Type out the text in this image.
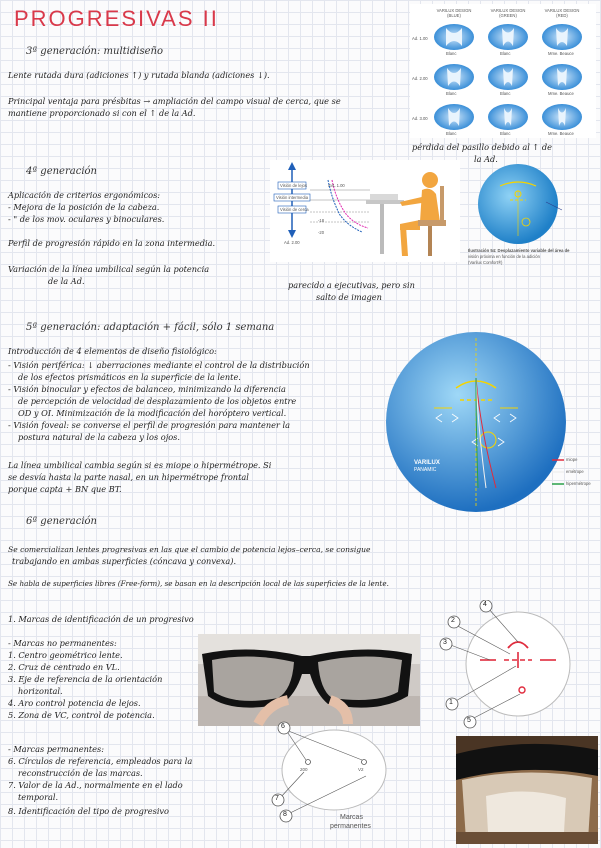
PROGRESIVAS II
3ª generación: multidiseño
Lente rutada dura (adiciones ↑) y rutada blanda (adiciones ↓).
Principal ventaja para présbitas → ampliación del campo visual de cerca, que se
mantiene proporcionado si con el ↑ de la Ad.
pérdida del pasillo debido al ↑ de
la Ad.
VARILUX DESIGN (BLUE)
VARILUX DESIGN (GREEN)
VARILUX DESIGN (RED)
Ad. 1.00
Ad. 2.00
Ad. 3.00
Blanc	Blanc	Mme. Beauce
Blanc	Blanc	Mme. Beauce
Blanc	Blanc	Mme. Beauce
4ª generación
Aplicación de criterios ergonómicos:
- Mejora de la posición de la cabeza.
- " de los mov. oculares y binoculares.
Perfil de progresión rápido en la zona intermedia.
Variación de la línea umbilical según la potencia
de la Ad.	parecido a ejecutivas, pero sin
salto de imagen
Visión de lejos
Visión intermedia
Visión de cerca
AVL 1.00
-18
-20
Ad. 2.00
Ilustración 54: Desplazamiento variable del área de
visión próxima en función de la adición
(Varilux Comfort®)
5ª generación: adaptación + fácil, sólo 1 semana
Introducción de 4 elementos de diseño fisiológico:
- Visión periférica: ↓ aberraciones mediante el control de la distribución
de los efectos prismáticos en la superficie de la lente.
- Visión binocular y efectos de balanceo, minimizando la diferencia
de percepción de velocidad de desplazamiento de los objetos entre
OD y OI. Minimización de la modificación del horóptero vertical.
- Visión foveal: se converse el perfil de progresión para mantener la
postura natural de la cabeza y los ojos.
La línea umbilical cambia según si es miope o hipermétrope. Si
se desvía hasta la parte nasal, en un hipermétrope frontal
porque capta + BN que BT.
VARILUX
PANAMIC
miope
emétrope
hipermétrope
6ª generación
Se comercializan lentes progresivas en las que el cambio de potencia lejos–cerca, se consigue
trabajando en ambas superficies (cóncava y convexa).
Se habla de superficies libres (Free-form), se basan en la descripción local de las superficies de la lente.
1. Marcas de identificación de un progresivo
- Marcas no permanentes:
1. Centro geométrico lente.
2. Cruz de centrado en VL.
3. Eje de referencia de la orientación
horizontal.
4. Aro control potencia de lejos.
5. Zona de VC, control de potencia.
- Marcas permanentes:
6. Círculos de referencia, empleados para la
reconstrucción de las marcas.
7. Valor de la Ad., normalmente en el lado
temporal.
8. Identificación del tipo de progresivo
1
2
3
4
5
6
7
8
200	V2
Marcas
permanentes
